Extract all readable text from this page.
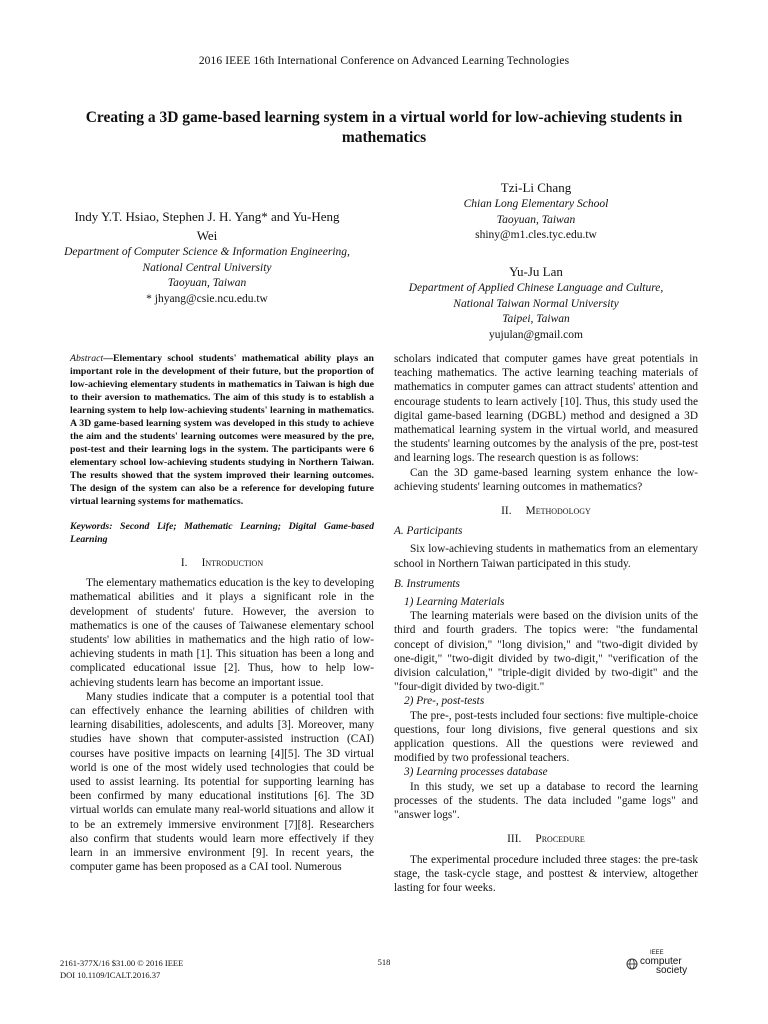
2016 IEEE 16th International Conference on Advanced Learning Technologies
Creating a 3D game-based learning system in a virtual world for low-achieving students in mathematics
Indy Y.T. Hsiao, Stephen J. H. Yang* and Yu-Heng Wei
Department of Computer Science & Information Engineering,
National Central University
Taoyuan, Taiwan
* jhyang@csie.ncu.edu.tw
Tzi-Li Chang
Chian Long Elementary School
Taoyuan, Taiwan
shiny@m1.cles.tyc.edu.tw
Yu-Ju Lan
Department of Applied Chinese Language and Culture,
National Taiwan Normal University
Taipei, Taiwan
yujulan@gmail.com

Abstract—Elementary school students' mathematical ability plays an important role in the development of their future, but the proportion of low-achieving elementary students in mathematics in Taiwan is high due to their aversion to mathematics. The aim of this study is to establish a learning system to help low-achieving students' learning in mathematics. A 3D game-based learning system was developed in this study to achieve the aim and the students' learning outcomes were measured by the pre, post-test and their learning logs in the system. The participants were 6 elementary school low-achieving students studying in Northern Taiwan. The results showed that the system improved their learning outcomes. The design of the system can also be a reference for developing future virtual learning systems for mathematics.

Keywords: Second Life; Mathematic Learning; Digital Game-based Learning

I. Introduction

The elementary mathematics education is the key to developing mathematical abilities and it plays a significant role in the development of students' future. However, the aversion to mathematics is one of the causes of Taiwanese elementary school students' low abilities in mathematics and the high ratio of low-achieving students in math [1]. This situation has been a long and complicated educational issue [2]. Thus, how to help low-achieving students learn has become an important issue.

Many studies indicate that a computer is a potential tool that can effectively enhance the learning abilities of children with learning disabilities, adolescents, and adults [3]. Moreover, many studies have shown that computer-assisted instruction (CAI) courses have positive impacts on learning [4][5]. The 3D virtual world is one of the most widely used technologies that could be used to assist learning. Its potential for supporting learning has been confirmed by many educational institutions [6]. The 3D virtual worlds can emulate many real-world situations and allow it to be an extremely immersive environment [7][8]. Researchers also confirm that students would learn more effectively if they learn in an immersive environment [9]. In recent years, the computer game has been proposed as a CAI tool. Numerous

scholars indicated that computer games have great potentials in teaching mathematics. The active learning teaching materials of mathematics in computer games can attract students' attention and encourage students to learn actively [10]. Thus, this study used the digital game-based learning (DGBL) method and designed a 3D mathematical learning system in the virtual world, and measured the students' learning outcomes by the analysis of the pre, post-test and learning logs. The research question is as follows:

Can the 3D game-based learning system enhance the low-achieving students' learning outcomes in mathematics?

II. Methodology
A. Participants

Six low-achieving students in mathematics from an elementary school in Northern Taiwan participated in this study.

B. Instruments
1) Learning Materials

The learning materials were based on the division units of the third and fourth graders. The topics were: "the fundamental concept of division," "long division," and "two-digit divided by one-digit," "two-digit divided by two-digit," "verification of the division calculation," "triple-digit divided by two-digit" and the "four-digit divided by two-digit."

2) Pre-, post-tests

The pre-, post-tests included four sections: five multiple-choice questions, four long divisions, five general questions and six application questions. All the questions were reviewed and modified by two professional teachers.

3) Learning processes database

In this study, we set up a database to record the learning processes of the students. The data included "game logs" and "answer logs".

III. Procedure

The experimental procedure included three stages: the pre-task stage, the task-cycle stage, and posttest & interview, altogether lasting for four weeks.

2161-377X/16 $31.00 © 2016 IEEE
DOI 10.1109/ICALT.2016.37
518
IEEE
computer
society
